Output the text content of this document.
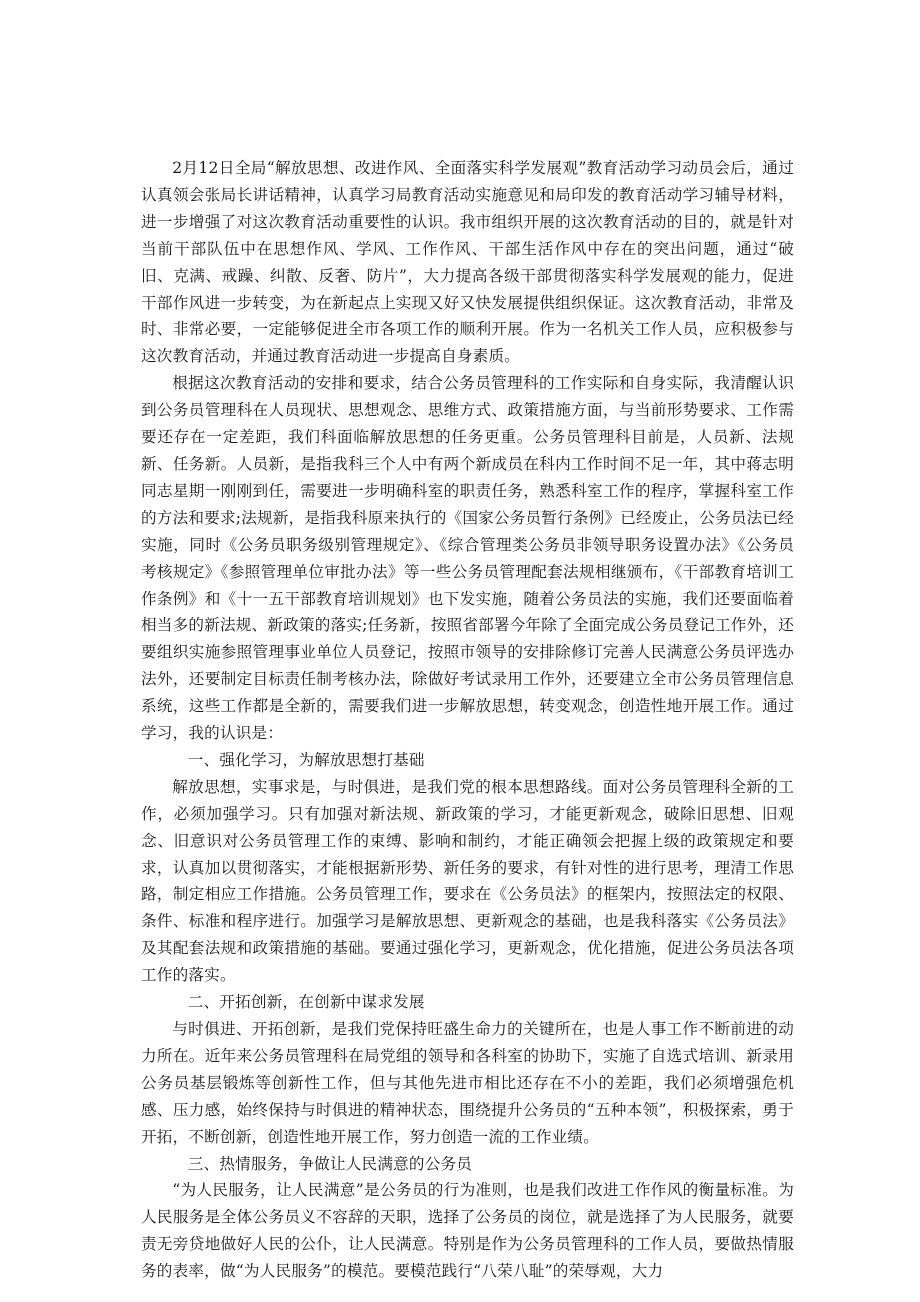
2月12日全局“解放思想、改进作风、全面落实科学发展观”教育活动学习动员会后，通过认真领会张局长讲话精神，认真学习局教育活动实施意见和局印发的教育活动学习辅导材料，进一步增强了对这次教育活动重要性的认识。我市组织开展的这次教育活动的目的，就是针对当前干部队伍中在思想作风、学风、工作作风、干部生活作风中存在的突出问题，通过“破旧、克满、戒躁、纠散、反奢、防片”，大力提高各级干部贯彻落实科学发展观的能力，促进干部作风进一步转变，为在新起点上实现又好又快发展提供组织保证。这次教育活动，非常及时、非常必要，一定能够促进全市各项工作的顺利开展。作为一名机关工作人员，应积极参与这次教育活动，并通过教育活动进一步提高自身素质。

根据这次教育活动的安排和要求，结合公务员管理科的工作实际和自身实际，我清醒认识到公务员管理科在人员现状、思想观念、思维方式、政策措施方面，与当前形势要求、工作需要还存在一定差距，我们科面临解放思想的任务更重。公务员管理科目前是，人员新、法规新、任务新。人员新，是指我科三个人中有两个新成员在科内工作时间不足一年，其中蒋志明同志星期一刚刚到任，需要进一步明确科室的职责任务，熟悉科室工作的程序，掌握科室工作的方法和要求;法规新，是指我科原来执行的《国家公务员暂行条例》已经废止，公务员法已经实施，同时《公务员职务级别管理规定》、《综合管理类公务员非领导职务设置办法》《公务员考核规定》《参照管理单位审批办法》等一些公务员管理配套法规相继颁布，《干部教育培训工作条例》和《十一五干部教育培训规划》也下发实施，随着公务员法的实施，我们还要面临着相当多的新法规、新政策的落实;任务新，按照省部署今年除了全面完成公务员登记工作外，还要组织实施参照管理事业单位人员登记，按照市领导的安排除修订完善人民满意公务员评选办法外，还要制定目标责任制考核办法，除做好考试录用工作外，还要建立全市公务员管理信息系统，这些工作都是全新的，需要我们进一步解放思想，转变观念，创造性地开展工作。通过学习，我的认识是：

一、强化学习，为解放思想打基础

解放思想，实事求是，与时俱进，是我们党的根本思想路线。面对公务员管理科全新的工作，必须加强学习。只有加强对新法规、新政策的学习，才能更新观念，破除旧思想、旧观念、旧意识对公务员管理工作的束缚、影响和制约，才能正确领会把握上级的政策规定和要求，认真加以贯彻落实，才能根据新形势、新任务的要求，有针对性的进行思考，理清工作思路，制定相应工作措施。公务员管理工作，要求在《公务员法》的框架内，按照法定的权限、条件、标准和程序进行。加强学习是解放思想、更新观念的基础，也是我科落实《公务员法》及其配套法规和政策措施的基础。要通过强化学习，更新观念，优化措施，促进公务员法各项工作的落实。

二、开拓创新，在创新中谋求发展

与时俱进、开拓创新，是我们党保持旺盛生命力的关键所在，也是人事工作不断前进的动力所在。近年来公务员管理科在局党组的领导和各科室的协助下，实施了自选式培训、新录用公务员基层锻炼等创新性工作，但与其他先进市相比还存在不小的差距，我们必须增强危机感、压力感，始终保持与时俱进的精神状态，围绕提升公务员的“五种本领”，积极探索，勇于开拓，不断创新，创造性地开展工作，努力创造一流的工作业绩。

三、热情服务，争做让人民满意的公务员

“为人民服务，让人民满意”是公务员的行为准则，也是我们改进工作作风的衡量标准。为人民服务是全体公务员义不容辞的天职，选择了公务员的岗位，就是选择了为人民服务，就要责无旁贷地做好人民的公仆，让人民满意。特别是作为公务员管理科的工作人员，要做热情服务的表率，做“为人民服务”的模范。要模范践行“八荣八耻”的荣辱观，大力
